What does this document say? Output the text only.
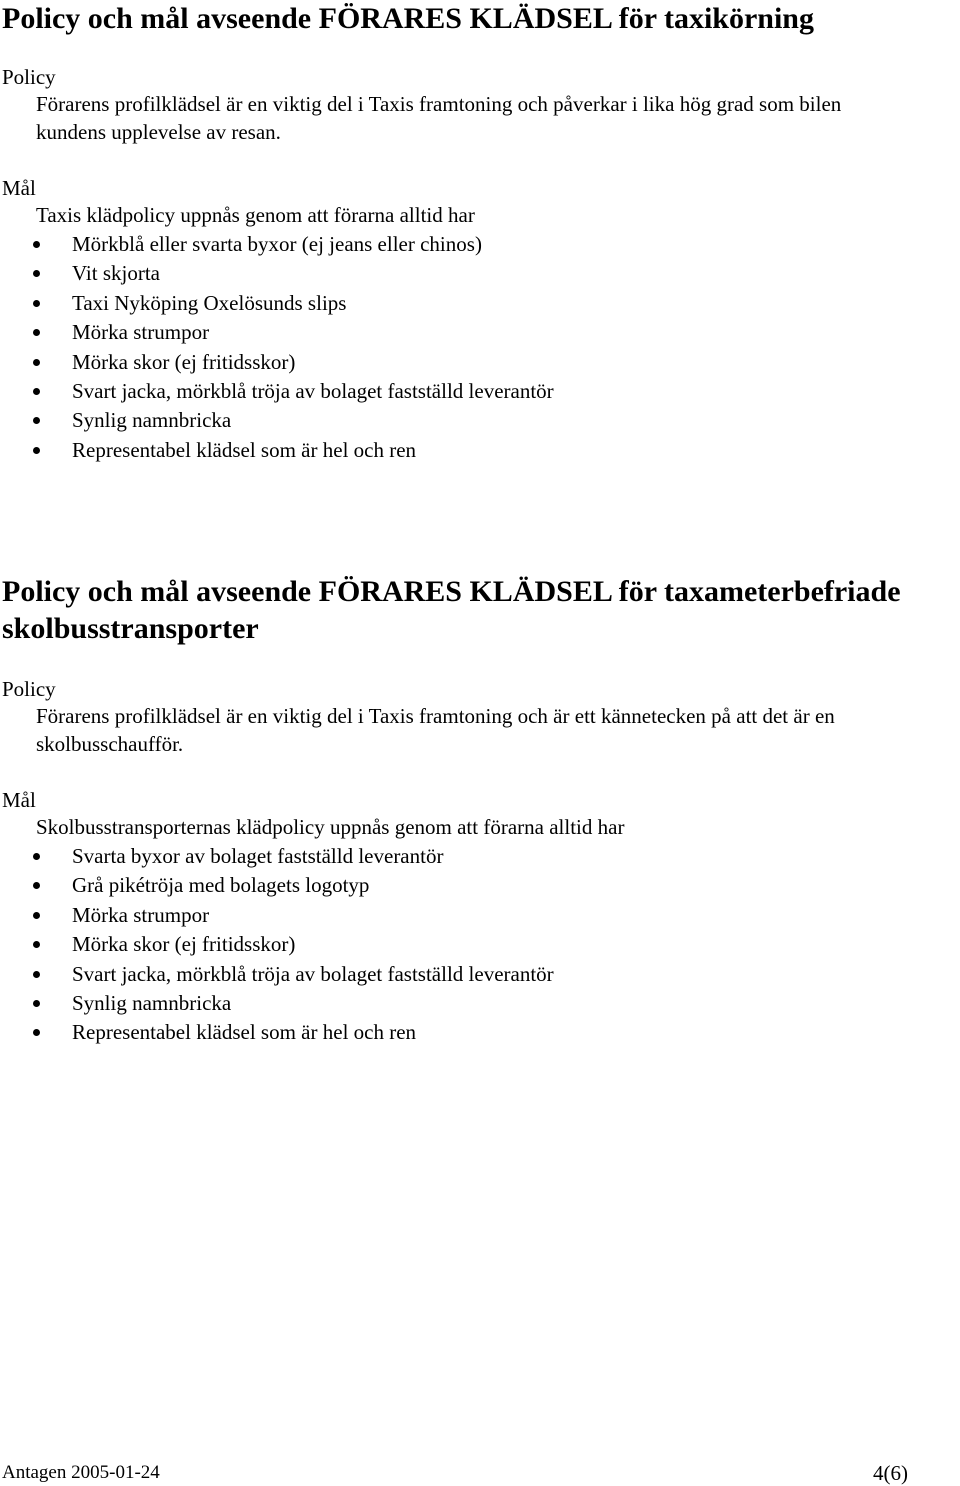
Policy och mål avseende FÖRARES KLÄDSEL för taxikörning
Policy
Förarens profilklädsel är en viktig del i Taxis framtoning och påverkar i lika hög grad som bilen
kundens upplevelse av resan.
Mål
Taxis klädpolicy uppnås genom att förarna alltid har
Mörkblå eller svarta byxor (ej jeans eller chinos)
Vit skjorta
Taxi Nyköping Oxelösunds slips
Mörka strumpor
Mörka skor (ej fritidsskor)
Svart jacka, mörkblå tröja av bolaget fastställd leverantör
Synlig namnbricka
Representabel klädsel som är hel och ren
Policy och mål avseende FÖRARES KLÄDSEL för taxameterbefriade
skolbusstransporter
Policy
Förarens profilklädsel är en viktig del i Taxis framtoning och är ett kännetecken på att det är en
skolbusschaufför.
Mål
Skolbusstransporternas klädpolicy uppnås genom att förarna alltid har
Svarta byxor av bolaget fastställd leverantör
Grå pikétröja med bolagets logotyp
Mörka strumpor
Mörka skor (ej fritidsskor)
Svart jacka, mörkblå tröja av bolaget fastställd leverantör
Synlig namnbricka
Representabel klädsel som är hel och ren
Antagen 2005-01-24	4(6)
